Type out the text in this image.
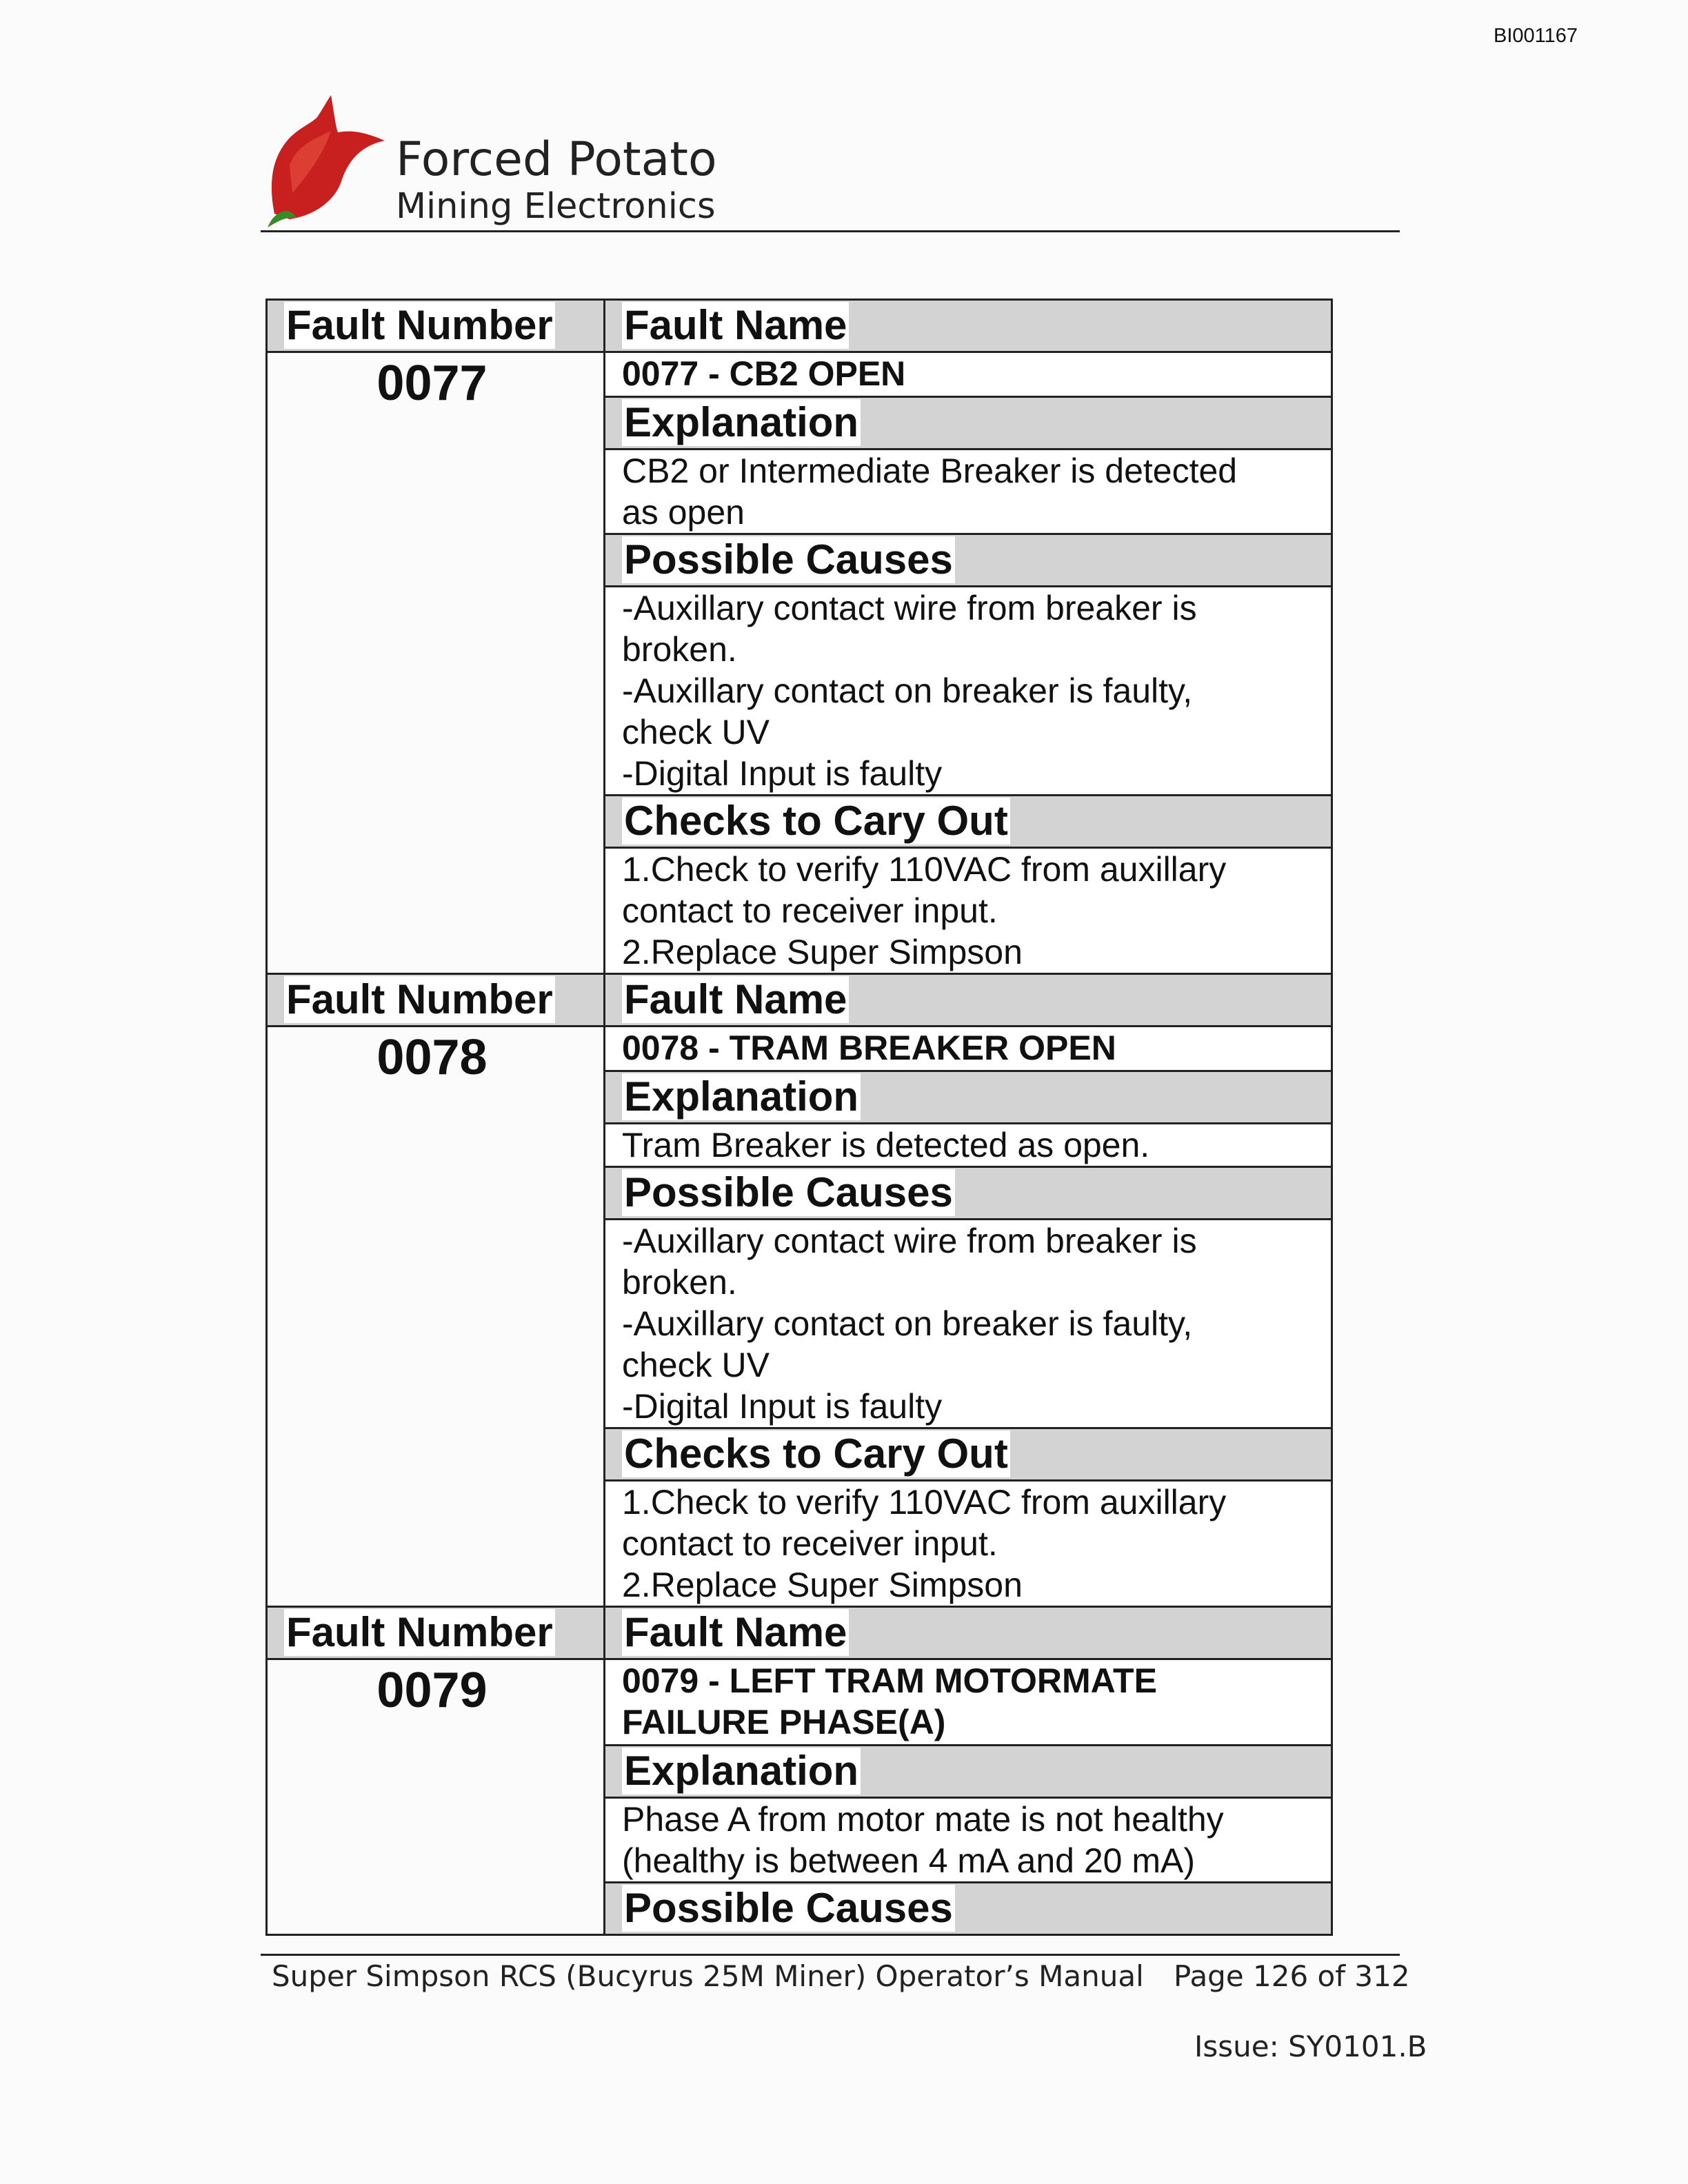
BI001167
Forced Potato
Mining Electronics
Fault Number	Fault Name

0077	0077 - CB2 OPEN

	Explanation

	CB2 or Intermediate Breaker is detected
as open

	Possible Causes

	-Auxillary contact wire from breaker is
broken.
-Auxillary contact on breaker is faulty,
check UV
-Digital Input is faulty

	Checks to Cary Out

	1.Check to verify 110VAC from auxillary
contact to receiver input.
2.Replace Super Simpson

Fault Number	Fault Name

0078	0078 - TRAM BREAKER OPEN

	Explanation

	Tram Breaker is detected as open.

	Possible Causes

	-Auxillary contact wire from breaker is
broken.
-Auxillary contact on breaker is faulty,
check UV
-Digital Input is faulty

	Checks to Cary Out

	1.Check to verify 110VAC from auxillary
contact to receiver input.
2.Replace Super Simpson

Fault Number	Fault Name

0079	0079 - LEFT TRAM MOTORMATE
FAILURE PHASE(A)

	Explanation

	Phase A from motor mate is not healthy
(healthy is between 4 mA and 20 mA)

	Possible Causes
Super Simpson RCS (Bucyrus 25M Miner) Operator’s Manual Page 126 of 312
Issue: SY0101.B
